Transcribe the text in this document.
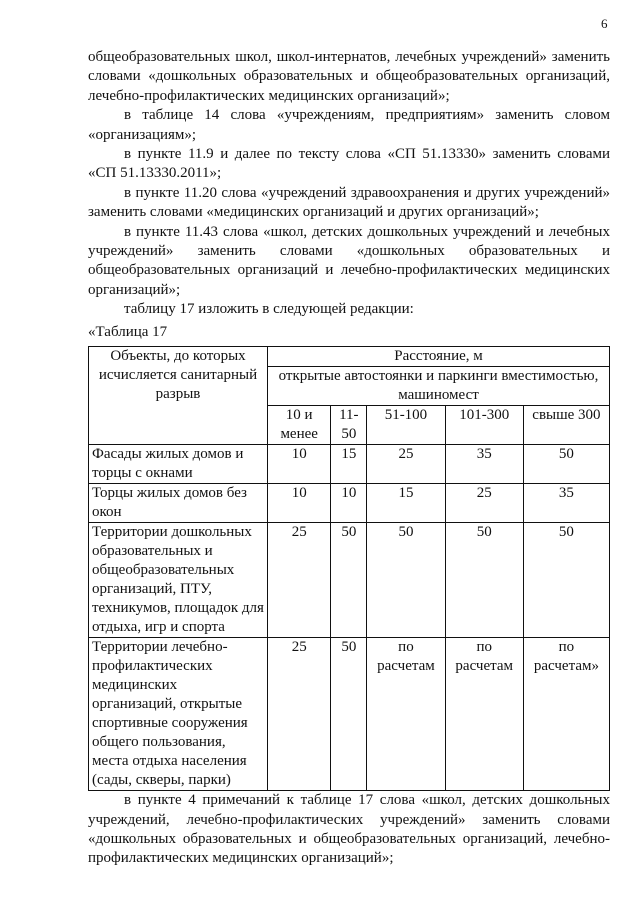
6

общеобразовательных школ, школ-интернатов, лечебных учреждений» заменить словами «дошкольных образовательных и общеобразовательных организаций, лечебно-профилактических медицинских организаций»;

в таблице 14 слова «учреждениям, предприятиям» заменить словом «организациям»;

в пункте 11.9 и далее по тексту слова «СП 51.13330» заменить словами «СП 51.13330.2011»;

в пункте 11.20 слова «учреждений здравоохранения и других учреждений» заменить словами «медицинских организаций и других организаций»;

в пункте 11.43 слова «школ, детских дошкольных учреждений и лечебных учреждений» заменить словами «дошкольных образовательных и общеобразовательных организаций и лечебно-профилактических медицинских организаций»;

таблицу 17 изложить в следующей редакции:

«Таблица 17

Объекты, до которых исчисляется санитарный разрыв	Расстояние, м				
	открытые автостоянки и паркинги вместимостью, машиномест				
	10 и менее	11-50	51-100	101-300	свыше 300
Фасады жилых домов и торцы с окнами	10	15	25	35	50
Торцы жилых домов без окон	10	10	15	25	35
Территории дошкольных образовательных и общеобразовательных организаций, ПТУ, техникумов, площадок для отдыха, игр и спорта	25	50	50	50	50
Территории лечебно-профилактических медицинских организаций, открытые спортивные сооружения общего пользования, места отдыха населения (сады, скверы, парки)	25	50	по расчетам	по расчетам	по расчетам»

в пункте 4 примечаний к таблице 17 слова «школ, детских дошкольных учреждений, лечебно-профилактических учреждений» заменить словами «дошкольных образовательных и общеобразовательных организаций, лечебно-профилактических медицинских организаций»;
